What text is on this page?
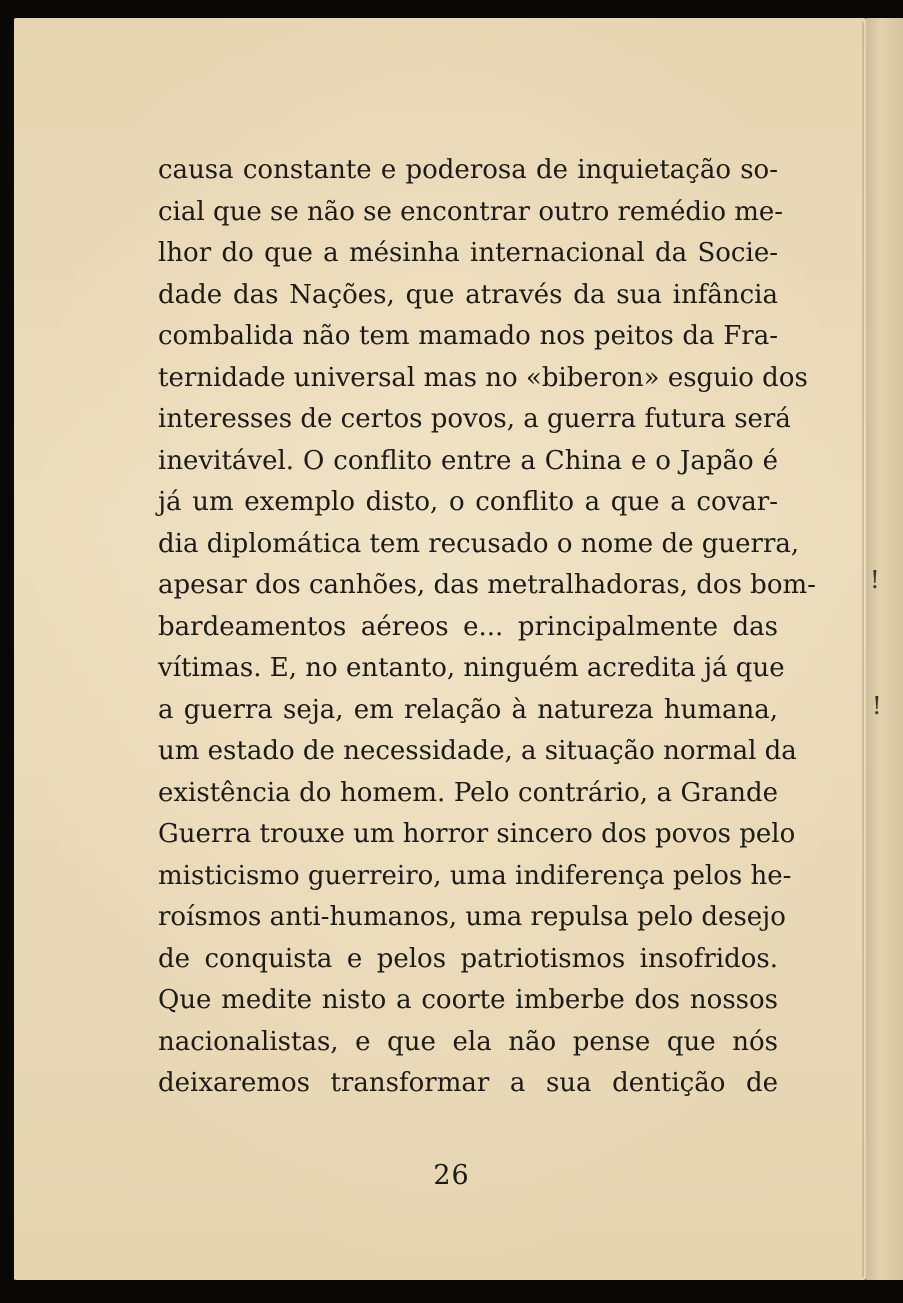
causa constante e poderosa de inquietação so-
cial que se não se encontrar outro remédio me-
lhor do que a mésinha internacional da Socie-
dade das Nações, que através da sua infância
combalida não tem mamado nos peitos da Fra-
ternidade universal mas no «biberon» esguio dos
interesses de certos povos, a guerra futura será
inevitável. O conflito entre a China e o Japão é
já um exemplo disto, o conflito a que a covar-
dia diplomática tem recusado o nome de guerra,
apesar dos canhões, das metralhadoras, dos bom-
bardeamentos aéreos e... principalmente das
vítimas. E, no entanto, ninguém acredita já que
a guerra seja, em relação à natureza humana,
um estado de necessidade, a situação normal da
existência do homem. Pelo contrário, a Grande
Guerra trouxe um horror sincero dos povos pelo
misticismo guerreiro, uma indiferença pelos he-
roísmos anti-humanos, uma repulsa pelo desejo
de conquista e pelos patriotismos insofridos.
Que medite nisto a coorte imberbe dos nossos
nacionalistas, e que ela não pense que nós
deixaremos transformar a sua dentição de
!
!
26
